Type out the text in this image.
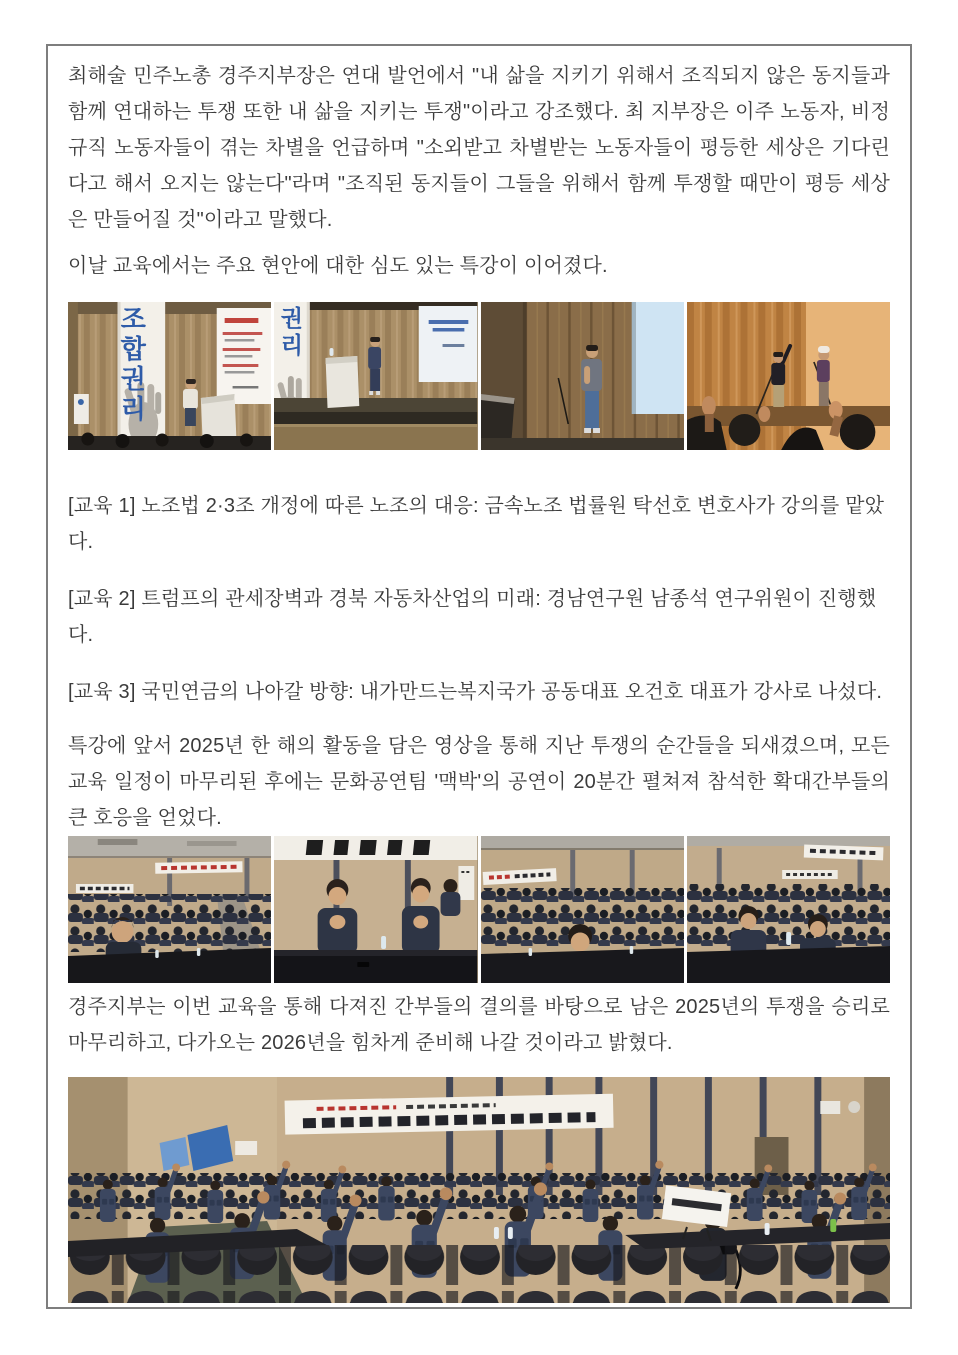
최해술 민주노총 경주지부장은 연대 발언에서 "내 삶을 지키기 위해서 조직되지 않은 동지들과 함께 연대하는 투쟁 또한 내 삶을 지키는 투쟁"이라고 강조했다. 최 지부장은 이주 노동자, 비정규직 노동자들이 겪는 차별을 언급하며 "소외받고 차별받는 노동자들이 평등한 세상은 기다린다고 해서 오지는 않는다"라며 "조직된 동지들이 그들을 위해서 함께 투쟁할 때만이 평등 세상은 만들어질 것"이라고 말했다.

이날 교육에서는 주요 현안에 대한 심도 있는 특강이 이어졌다.

조합권리	권리

[교육 1] 노조법 2·3조 개정에 따른 노조의 대응: 금속노조 법률원 탁선호 변호사가 강의를 맡았다.

[교육 2] 트럼프의 관세장벽과 경북 자동차산업의 미래: 경남연구원 남종석 연구위원이 진행했다.

[교육 3] 국민연금의 나아갈 방향: 내가만드는복지국가 공동대표 오건호 대표가 강사로 나섰다.

특강에 앞서 2025년 한 해의 활동을 담은 영상을 통해 지난 투쟁의 순간들을 되새겼으며, 모든 교육 일정이 마무리된 후에는 문화공연팀 '맥박'의 공연이 20분간 펼쳐져 참석한 확대간부들의 큰 호응을 얻었다.

경주지부는 이번 교육을 통해 다져진 간부들의 결의를 바탕으로 남은 2025년의 투쟁을 승리로 마무리하고, 다가오는 2026년을 힘차게 준비해 나갈 것이라고 밝혔다.
